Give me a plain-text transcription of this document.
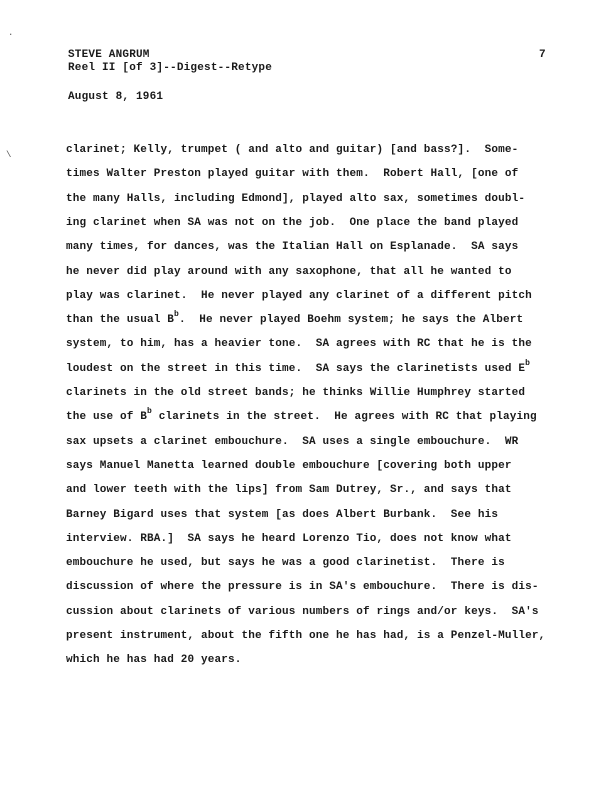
·
\
STEVE ANGRUM
Reel II [of 3]--Digest--Retype
August 8, 1961
7
clarinet; Kelly, trumpet ( and alto and guitar) [and bass?].  Some-
times Walter Preston played guitar with them.  Robert Hall, [one of
the many Halls, including Edmond], played alto sax, sometimes doubl-
ing clarinet when SA was not on the job.  One place the band played
many times, for dances, was the Italian Hall on Esplanade.  SA says
he never did play around with any saxophone, that all he wanted to
play was clarinet.  He never played any clarinet of a different pitch
than the usual $B^b$.  He never played Boehm system; he says the Albert
system, to him, has a heavier tone.  SA agrees with RC that he is the
loudest on the street in this time.  SA says the clarinetists used $E^b$
clarinets in the old street bands; he thinks Willie Humphrey started
the use of $B^b$ clarinets in the street.  He agrees with RC that playing
sax upsets a clarinet embouchure.  SA uses a single embouchure.  WR
says Manuel Manetta learned double embouchure [covering both upper
and lower teeth with the lips] from Sam Dutrey, Sr., and says that
Barney Bigard uses that system [as does Albert Burbank.  See his
interview. RBA.]  SA says he heard Lorenzo Tio, does not know what
embouchure he used, but says he was a good clarinetist.  There is
discussion of where the pressure is in SA's embouchure.  There is dis-
cussion about clarinets of various numbers of rings and/or keys.  SA's
present instrument, about the fifth one he has had, is a Penzel-Muller,
which he has had 20 years.
